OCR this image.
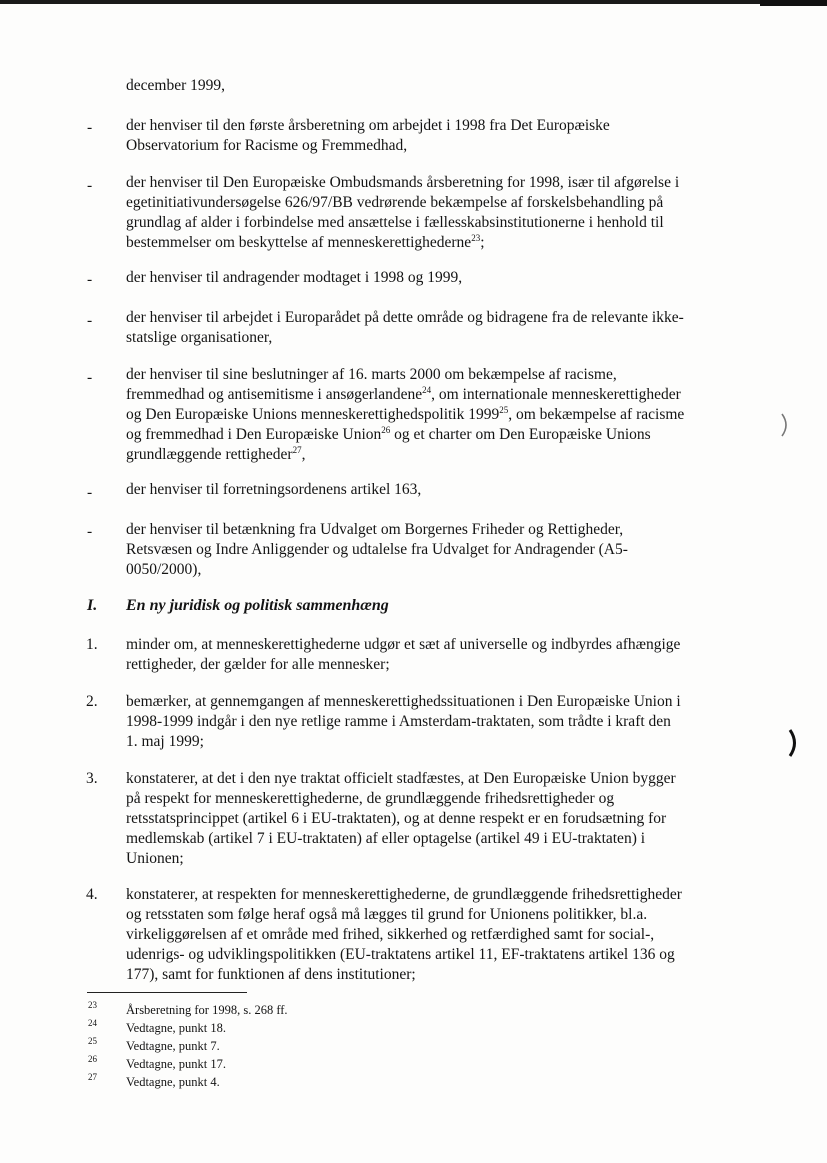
december 1999,
- der henviser til den første årsberetning om arbejdet i 1998 fra Det Europæiske
Observatorium for Racisme og Fremmedhad,
- der henviser til Den Europæiske Ombudsmands årsberetning for 1998, især til afgørelse i
egetinitiativundersøgelse 626/97/BB vedrørende bekæmpelse af forskelsbehandling på
grundlag af alder i forbindelse med ansættelse i fællesskabsinstitutionerne i henhold til
bestemmelser om beskyttelse af menneskerettighederne$^{23}$;
- der henviser til andragender modtaget i 1998 og 1999,
- der henviser til arbejdet i Europarådet på dette område og bidragene fra de relevante ikke-
statslige organisationer,
- der henviser til sine beslutninger af 16. marts 2000 om bekæmpelse af racisme,
fremmedhad og antisemitisme i ansøgerlandene$^{24}$, om internationale menneskerettigheder
og Den Europæiske Unions menneskerettighedspolitik 1999$^{25}$, om bekæmpelse af racisme
og fremmedhad i Den Europæiske Union$^{26}$ og et charter om Den Europæiske Unions
grundlæggende rettigheder$^{27}$,
- der henviser til forretningsordenens artikel 163,
- der henviser til betænkning fra Udvalget om Borgernes Friheder og Rettigheder,
Retsvæsen og Indre Anliggender og udtalelse fra Udvalget for Andragender (A5-
0050/2000),
I. En ny juridisk og politisk sammenhæng
1. minder om, at menneskerettighederne udgør et sæt af universelle og indbyrdes afhængige
rettigheder, der gælder for alle mennesker;
2. bemærker, at gennemgangen af menneskerettighedssituationen i Den Europæiske Union i
1998-1999 indgår i den nye retlige ramme i Amsterdam-traktaten, som trådte i kraft den
1. maj 1999;
3. konstaterer, at det i den nye traktat officielt stadfæstes, at Den Europæiske Union bygger
på respekt for menneskerettighederne, de grundlæggende frihedsrettigheder og
retsstatsprincippet (artikel 6 i EU-traktaten), og at denne respekt er en forudsætning for
medlemskab (artikel 7 i EU-traktaten) af eller optagelse (artikel 49 i EU-traktaten) i
Unionen;
4. konstaterer, at respekten for menneskerettighederne, de grundlæggende frihedsrettigheder
og retsstaten som følge heraf også må lægges til grund for Unionens politikker, bl.a.
virkeliggørelsen af et område med frihed, sikkerhed og retfærdighed samt for social-,
udenrigs- og udviklingspolitikken (EU-traktatens artikel 11, EF-traktatens artikel 136 og
177), samt for funktionen af dens institutioner;
23 Årsberetning for 1998, s. 268 ff.
24 Vedtagne, punkt 18.
25 Vedtagne, punkt 7.
26 Vedtagne, punkt 17.
27 Vedtagne, punkt 4.
